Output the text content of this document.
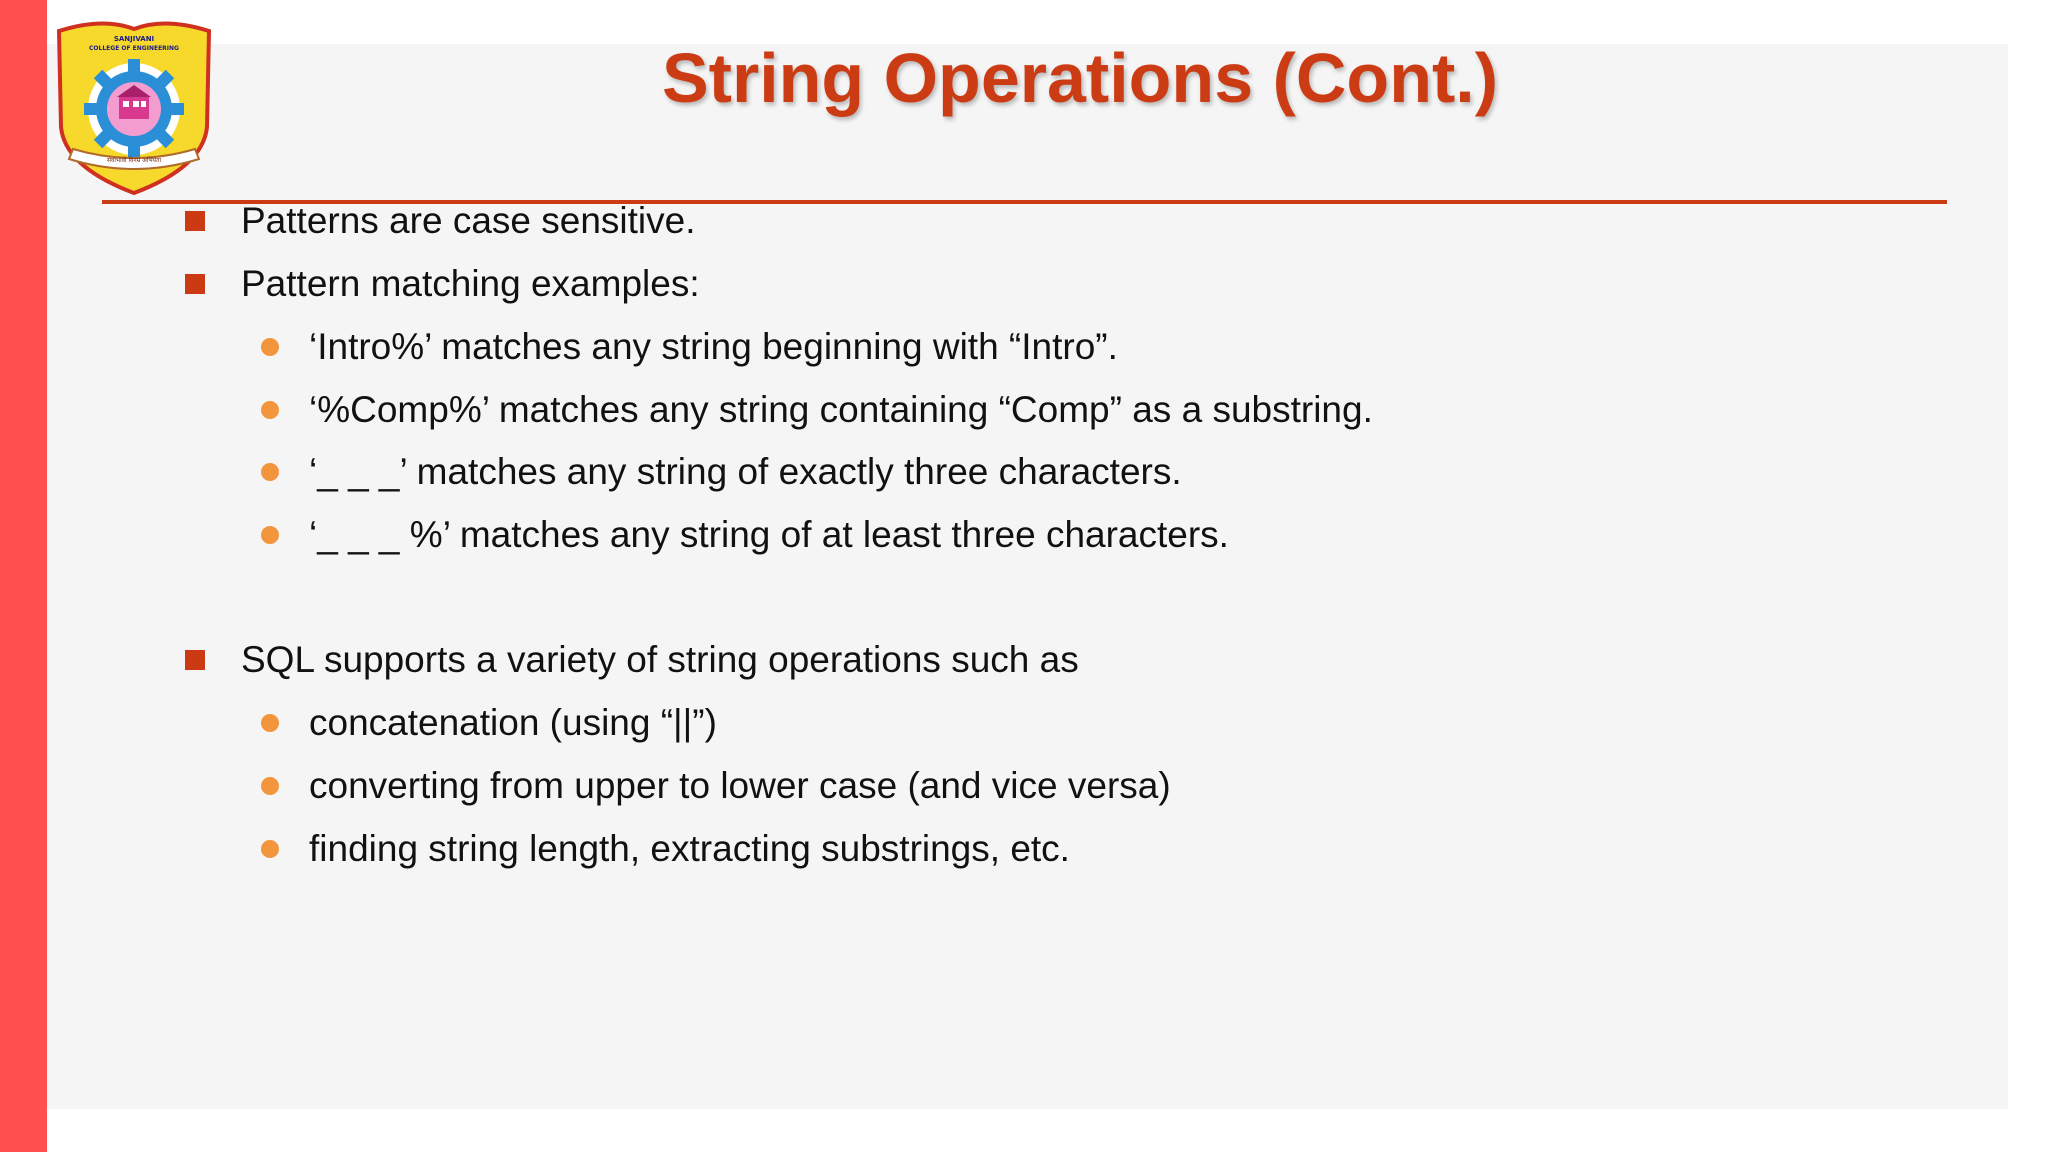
SANJIVANI
COLLEGE OF ENGINEERING
सेवाभावी विनम्र अभियंता
String Operations (Cont.)
Patterns are case sensitive.
Pattern matching examples:
‘Intro%’ matches any string beginning with “Intro”.
‘%Comp%’ matches any string containing “Comp” as a substring.
‘_ _ _’ matches any string of exactly three characters.
‘_ _ _ %’ matches any string of at least three characters.
SQL supports a variety of string operations such as
concatenation (using “||”)
converting from upper to lower case (and vice versa)
finding string length, extracting substrings, etc.
